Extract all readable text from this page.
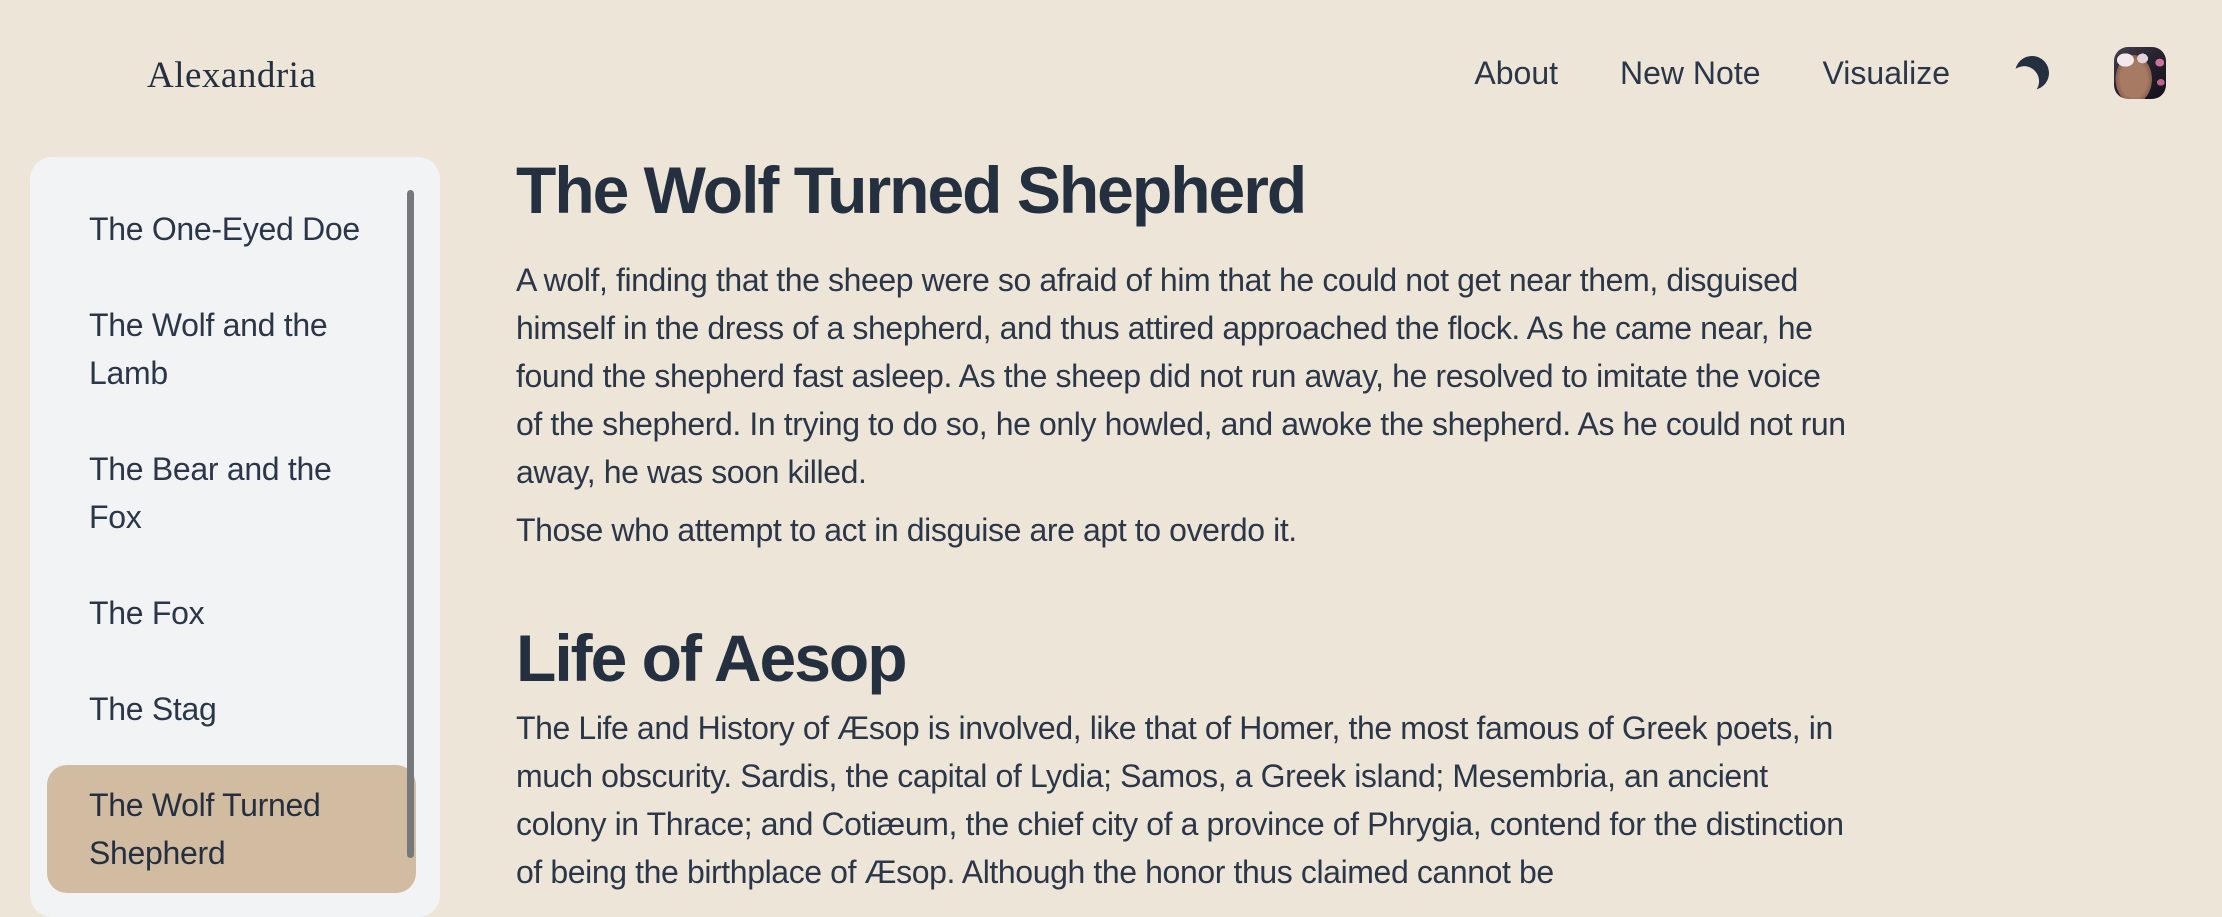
Alexandria	About New Note Visualize
The One-Eyed Doe
The Wolf and the Lamb
The Bear and the Fox
The Fox
The Stag
The Wolf Turned Shepherd
The Wolf Turned Shepherd

A wolf, finding that the sheep were so afraid of him that he could not get near them, disguised himself in the dress of a shepherd, and thus attired approached the flock. As he came near, he found the shepherd fast asleep. As the sheep did not run away, he resolved to imitate the voice of the shepherd. In trying to do so, he only howled, and awoke the shepherd. As he could not run away, he was soon killed.

Those who attempt to act in disguise are apt to overdo it.

Life of Aesop

The Life and History of Æsop is involved, like that of Homer, the most famous of Greek poets, in much obscurity. Sardis, the capital of Lydia; Samos, a Greek island; Mesembria, an ancient colony in Thrace; and Cotiæum, the chief city of a province of Phrygia, contend for the distinction of being the birthplace of Æsop. Although the honor thus claimed cannot be
